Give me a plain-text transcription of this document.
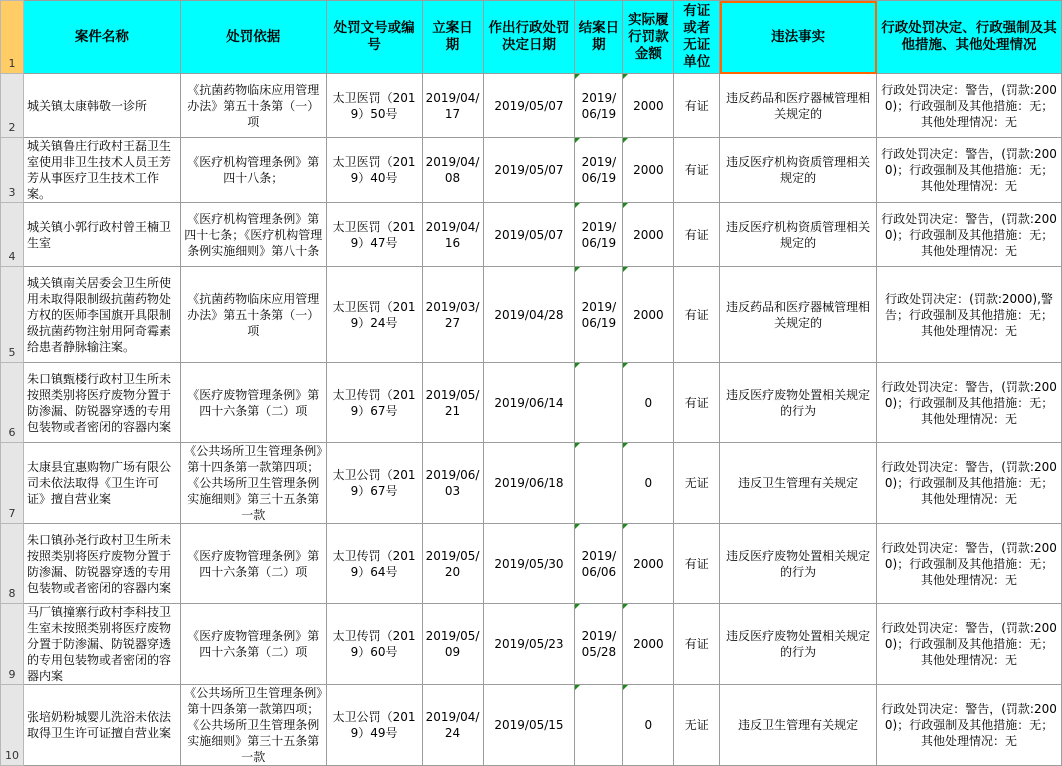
1	案件名称	处罚依据	处罚文号或编号	立案日期	作出行政处罚决定日期	结案日期	实际履行罚款金额	有证或者无证单位	违法事实	行政处罚决定、行政强制及其他措施、其他处理情况
2	城关镇太康韩敬一诊所	《抗菌药物临床应用管理办法》第五十条第（一）项	太卫医罚（2019）50号	2019/04/17	2019/05/07	2019/06/19	2000	有证	违反药品和医疗器械管理相关规定的	行政处罚决定：警告，(罚款:2000)；行政强制及其他措施：无；其他处理情况：无
3	城关镇鲁庄行政村王磊卫生室使用非卫生技术人员王芳芳从事医疗卫生技术工作案。	《医疗机构管理条例》第四十八条；	太卫医罚（2019）40号	2019/04/08	2019/05/07	2019/06/19	2000	有证	违反医疗机构资质管理相关规定的	行政处罚决定：警告，(罚款:2000)；行政强制及其他措施：无；其他处理情况：无
4	城关镇小郭行政村曾王楠卫生室	《医疗机构管理条例》第四十七条；《医疗机构管理条例实施细则》第八十条	太卫医罚（2019）47号	2019/04/16	2019/05/07	2019/06/19	2000	有证	违反医疗机构资质管理相关规定的	行政处罚决定：警告，(罚款:2000)；行政强制及其他措施：无；其他处理情况：无
5	城关镇南关居委会卫生所使用未取得限制级抗菌药物处方权的医师李国旗开具限制级抗菌药物注射用阿奇霉素给患者静脉输注案。	《抗菌药物临床应用管理办法》第五十条第（一）项	太卫医罚（2019）24号	2019/03/27	2019/04/28	2019/06/19	2000	有证	违反药品和医疗器械管理相关规定的	行政处罚决定：(罚款:2000),警告；行政强制及其他措施：无；其他处理情况：无
6	朱口镇甄楼行政村卫生所未按照类别将医疗废物分置于防渗漏、防锐器穿透的专用包装物或者密闭的容器内案	《医疗废物管理条例》第四十六条第（二）项	太卫传罚（2019）67号	2019/05/21	2019/06/14		0	有证	违反医疗废物处置相关规定的行为	行政处罚决定：警告，(罚款:2000)；行政强制及其他措施：无；其他处理情况：无
7	太康县宜惠购物广场有限公司未依法取得《卫生许可证》擅自营业案	《公共场所卫生管理条例》第十四条第一款第四项；《公共场所卫生管理条例实施细则》第三十五条第一款	太卫公罚（2019）67号	2019/06/03	2019/06/18		0	无证	违反卫生管理有关规定	行政处罚决定：警告，(罚款:2000)；行政强制及其他措施：无；其他处理情况：无
8	朱口镇孙尧行政村卫生所未按照类别将医疗废物分置于防渗漏、防锐器穿透的专用包装物或者密闭的容器内案	《医疗废物管理条例》第四十六条第（二）项	太卫传罚（2019）64号	2019/05/20	2019/05/30	2019/06/06	2000	有证	违反医疗废物处置相关规定的行为	行政处罚决定：警告，(罚款:2000)；行政强制及其他措施：无；其他处理情况：无
9	马厂镇撞寨行政村李科技卫生室未按照类别将医疗废物分置于防渗漏、防锐器穿透的专用包装物或者密闭的容器内案	《医疗废物管理条例》第四十六条第（二）项	太卫传罚（2019）60号	2019/05/09	2019/05/23	2019/05/28	2000	有证	违反医疗废物处置相关规定的行为	行政处罚决定：警告，(罚款:2000)；行政强制及其他措施：无；其他处理情况：无
10	张培奶粉城婴儿洗浴未依法取得卫生许可证擅自营业案	《公共场所卫生管理条例》第十四条第一款第四项；《公共场所卫生管理条例实施细则》第三十五条第一款	太卫公罚（2019）49号	2019/04/24	2019/05/15		0	无证	违反卫生管理有关规定	行政处罚决定：警告，(罚款:2000)；行政强制及其他措施：无；其他处理情况：无
